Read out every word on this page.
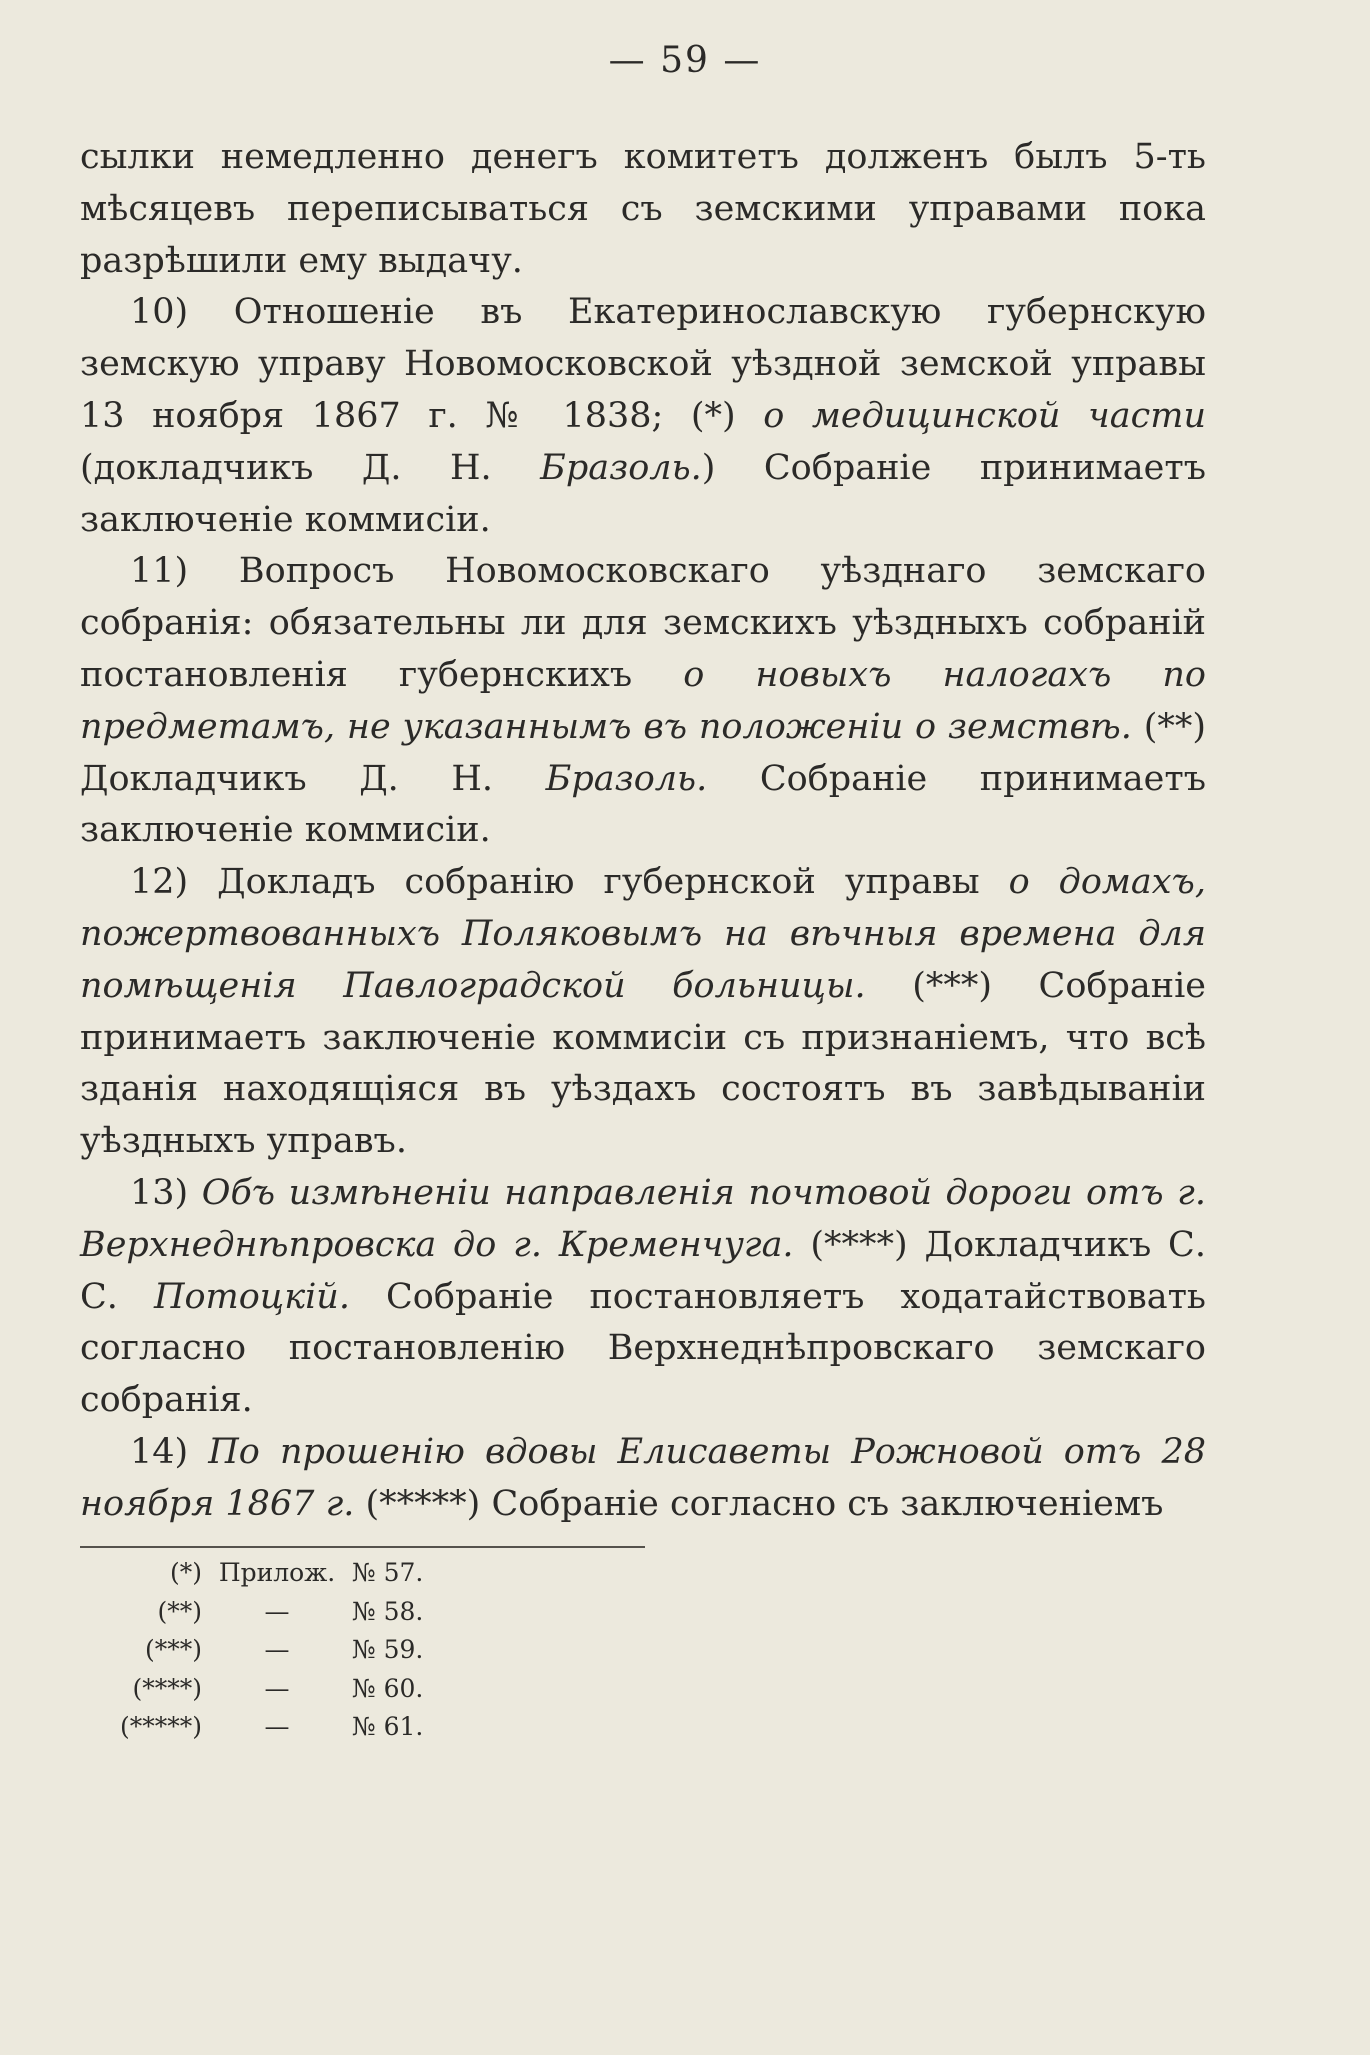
— 59 —

сылки немедленно денегъ комитетъ долженъ былъ 5-ть мѣсяцевъ переписываться съ земскими управами пока разрѣшили ему выдачу.

10) Отношеніе въ Екатеринославскую губернскую земскую управу Новомосковской уѣздной земской управы 13 ноября 1867 г. № 1838; (*) о медицинской части (докладчикъ Д. Н. Бразоль.) Собраніе принимаетъ заключеніе коммисіи.

11) Вопросъ Новомосковскаго уѣзднаго земскаго собранія: обязательны ли для земскихъ уѣздныхъ собраній постановленія губернскихъ о новыхъ налогахъ по предметамъ, не указаннымъ въ положеніи о земствѣ. (**) Докладчикъ Д. Н. Бразоль. Собраніе принимаетъ заключеніе коммисіи.

12) Докладъ собранію губернской управы о домахъ, пожертвованныхъ Поляковымъ на вѣчныя времена для помѣщенія Павлоградской больницы. (***) Собраніе принимаетъ заключеніе коммисіи съ признаніемъ, что всѣ зданія находящіяся въ уѣздахъ состоятъ въ завѣдываніи уѣздныхъ управъ.

13) Объ измѣненіи направленія почтовой дороги отъ г. Верхнеднѣпровска до г. Кременчуга. (****) Докладчикъ С. С. Потоцкій. Собраніе постановляетъ ходатайствовать согласно постановленію Верхнеднѣпровскаго земскаго собранія.

14) По прошенію вдовы Елисаветы Рожновой отъ 28 ноября 1867 г. (*****) Собраніе согласно съ заключеніемъ

(*) Прилож. № 57.
(**)	—	№ 58.
(***)	—	№ 59.
(****)	—	№ 60.
(*****)	—	№ 61.
